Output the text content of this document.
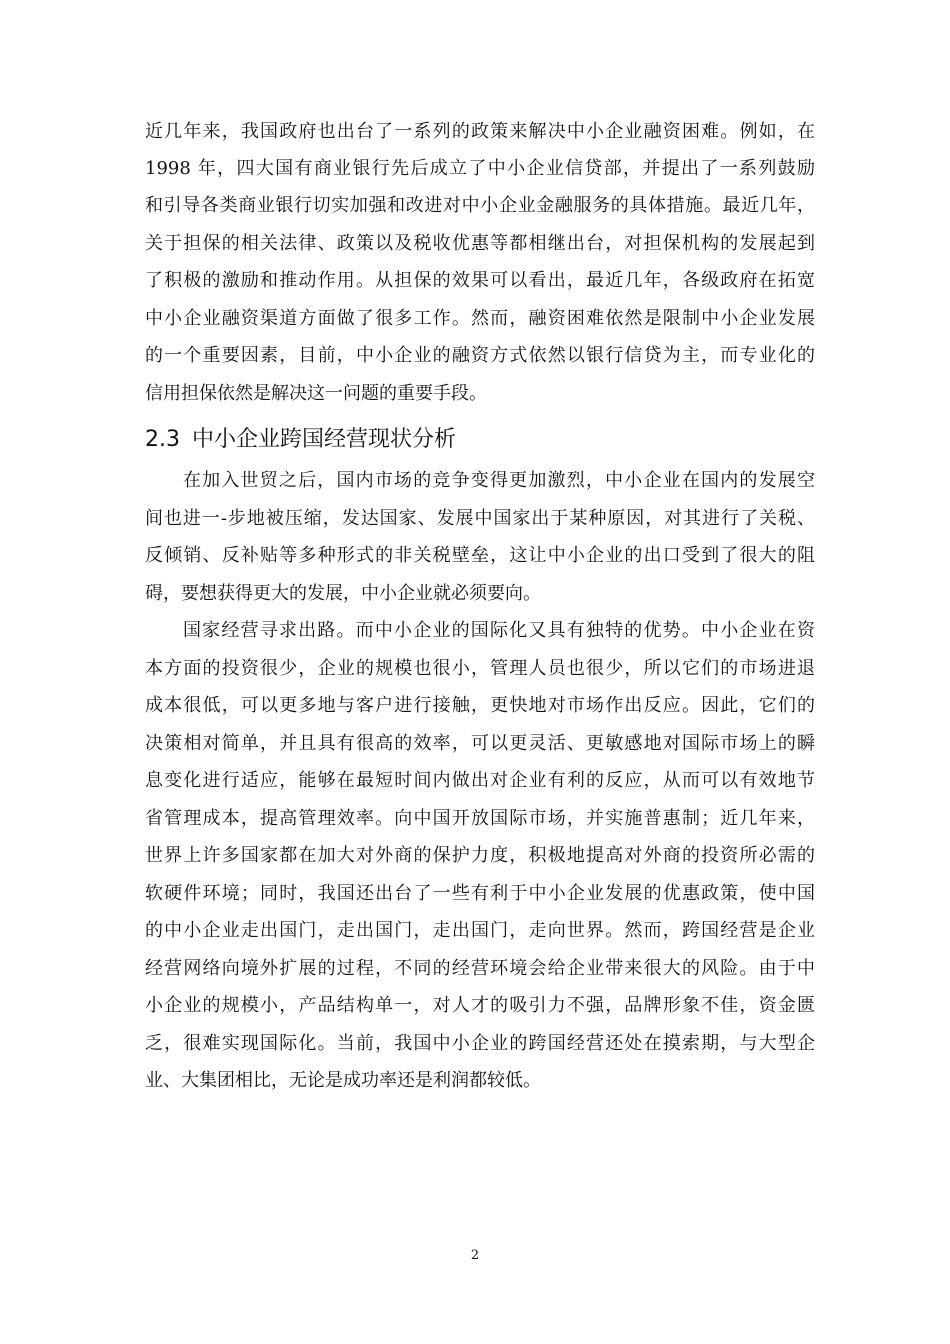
近几年来，我国政府也出台了一系列的政策来解决中小企业融资困难。例如，在
1998 年，四大国有商业银行先后成立了中小企业信贷部，并提出了一系列鼓励
和引导各类商业银行切实加强和改进对中小企业金融服务的具体措施。最近几年，
关于担保的相关法律、政策以及税收优惠等都相继出台，对担保机构的发展起到
了积极的激励和推动作用。从担保的效果可以看出，最近几年，各级政府在拓宽
中小企业融资渠道方面做了很多工作。然而，融资困难依然是限制中小企业发展
的一个重要因素，目前，中小企业的融资方式依然以银行信贷为主，而专业化的
信用担保依然是解决这一问题的重要手段。
2.3 中小企业跨国经营现状分析
在加入世贸之后，国内市场的竞争变得更加激烈，中小企业在国内的发展空
间也进一-步地被压缩，发达国家、发展中国家出于某种原因，对其进行了关税、
反倾销、反补贴等多种形式的非关税壁垒，这让中小企业的出口受到了很大的阻
碍，要想获得更大的发展，中小企业就必须要向。
国家经营寻求出路。而中小企业的国际化又具有独特的优势。中小企业在资
本方面的投资很少，企业的规模也很小，管理人员也很少，所以它们的市场进退
成本很低，可以更多地与客户进行接触，更快地对市场作出反应。因此，它们的
决策相对简单，并且具有很高的效率，可以更灵活、更敏感地对国际市场上的瞬
息变化进行适应，能够在最短时间内做出对企业有利的反应，从而可以有效地节
省管理成本，提高管理效率。向中国开放国际市场，并实施普惠制；近几年来，
世界上许多国家都在加大对外商的保护力度，积极地提高对外商的投资所必需的
软硬件环境；同时，我国还出台了一些有利于中小企业发展的优惠政策，使中国
的中小企业走出国门，走出国门，走出国门，走向世界。然而，跨国经营是企业
经营网络向境外扩展的过程，不同的经营环境会给企业带来很大的风险。由于中
小企业的规模小，产品结构单一，对人才的吸引力不强，品牌形象不佳，资金匮
乏，很难实现国际化。当前，我国中小企业的跨国经营还处在摸索期，与大型企
业、大集团相比，无论是成功率还是利润都较低。
2
